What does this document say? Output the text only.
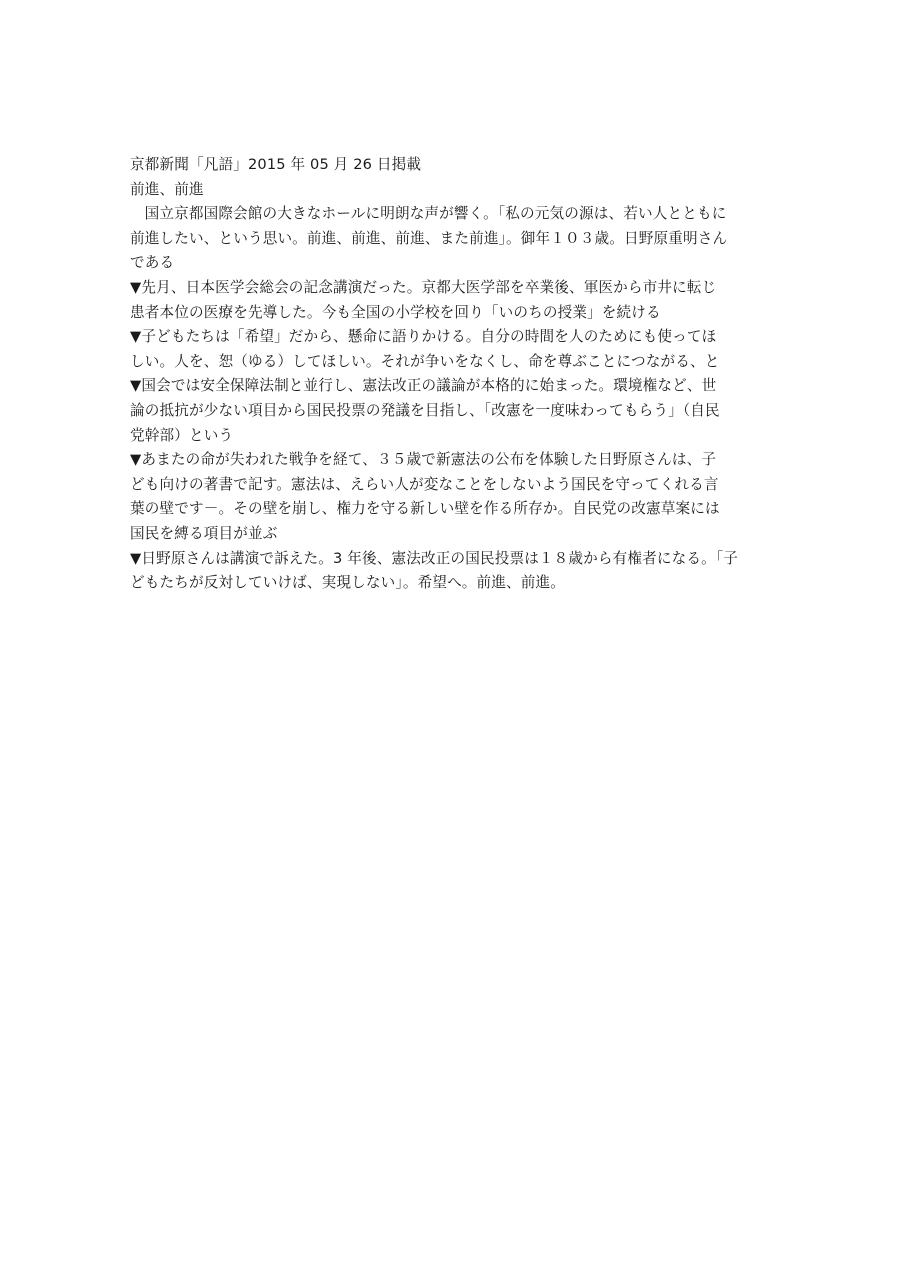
京都新聞「凡語」2015 年 05 月 26 日掲載
前進、前進
国立京都国際会館の大きなホールに明朗な声が響く。「私の元気の源は、若い人とともに
前進したい、という思い。前進、前進、前進、また前進」。御年１０３歳。日野原重明さん
である
▼先月、日本医学会総会の記念講演だった。京都大医学部を卒業後、軍医から市井に転じ
患者本位の医療を先導した。今も全国の小学校を回り「いのちの授業」を続ける
▼子どもたちは「希望」だから、懸命に語りかける。自分の時間を人のためにも使ってほ
しい。人を、恕（ゆる）してほしい。それが争いをなくし、命を尊ぶことにつながる、と
▼国会では安全保障法制と並行し、憲法改正の議論が本格的に始まった。環境権など、世
論の抵抗が少ない項目から国民投票の発議を目指し、「改憲を一度味わってもらう」（自民
党幹部）という
▼あまたの命が失われた戦争を経て、３５歳で新憲法の公布を体験した日野原さんは、子
ども向けの著書で記す。憲法は、えらい人が変なことをしないよう国民を守ってくれる言
葉の壁です－。その壁を崩し、権力を守る新しい壁を作る所存か。自民党の改憲草案には
国民を縛る項目が並ぶ
▼日野原さんは講演で訴えた。3 年後、憲法改正の国民投票は１８歳から有権者になる。「子
どもたちが反対していけば、実現しない」。希望へ。前進、前進。
